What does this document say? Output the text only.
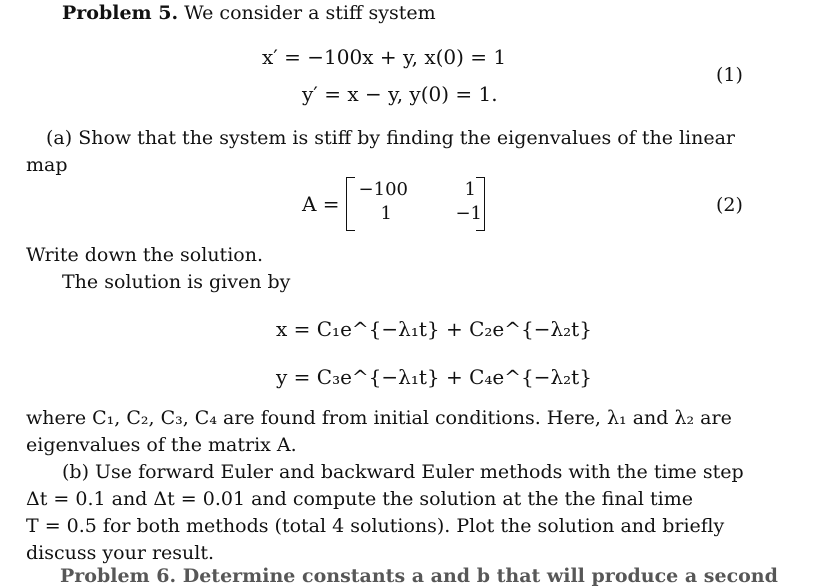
Problem 5. We consider a stiff system
x′ = −100x + y, x(0) = 1
y′ = x − y, y(0) = 1.
(1)
(a) Show that the system is stiff by finding the eigenvalues of the linear
map
A =
−100	1
1	−1	(2)
Write down the solution.
The solution is given by
x = C₁e^{−λ₁t} + C₂e^{−λ₂t}
y = C₃e^{−λ₁t} + C₄e^{−λ₂t}
where C₁, C₂, C₃, C₄ are found from initial conditions. Here, λ₁ and λ₂ are
eigenvalues of the matrix A.
(b) Use forward Euler and backward Euler methods with the time step
Δt = 0.1 and Δt = 0.01 and compute the solution at the the final time
T = 0.5 for both methods (total 4 solutions). Plot the solution and briefly
discuss your result.
Problem 6. Determine constants a and b that will produce a second
